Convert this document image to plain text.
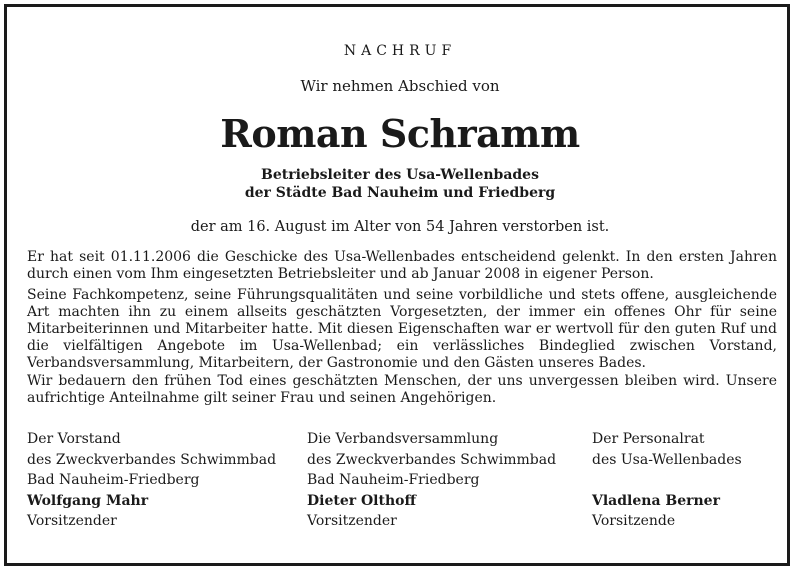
NACHRUF
Wir nehmen Abschied von
Roman Schramm
Betriebsleiter des Usa-Wellenbades
der Städte Bad Nauheim und Friedberg
der am 16. August im Alter von 54 Jahren verstorben ist.
Er hat seit 01.11.2006 die Geschicke des Usa-Wellenbades entscheidend gelenkt. In den ersten Jahren durch einen vom Ihm eingesetzten Betriebsleiter und ab Januar 2008 in eigener Person.
Seine Fachkompetenz, seine Führungsqualitäten und seine vorbildliche und stets offene, ausgleichende Art machten ihn zu einem allseits geschätzten Vorgesetzten, der immer ein offenes Ohr für seine Mitarbeiterinnen und Mitarbeiter hatte. Mit diesen Eigenschaften war er wertvoll für den guten Ruf und die vielfältigen Angebote im Usa-Wellenbad; ein verlässliches Bindeglied zwischen Vorstand, Verbandsversammlung, Mitarbeitern, der Gastronomie und den Gästen unseres Bades.
Wir bedauern den frühen Tod eines geschätzten Menschen, der uns unvergessen bleiben wird. Unsere aufrichtige Anteilnahme gilt seiner Frau und seinen Angehörigen.
Der Vorstand
des Zweckverbandes Schwimmbad
Bad Nauheim-Friedberg
Wolfgang Mahr
Vorsitzender
Die Verbandsversammlung
des Zweckverbandes Schwimmbad
Bad Nauheim-Friedberg
Dieter Olthoff
Vorsitzender
Der Personalrat
des Usa-Wellenbades

Vladlena Berner
Vorsitzende
